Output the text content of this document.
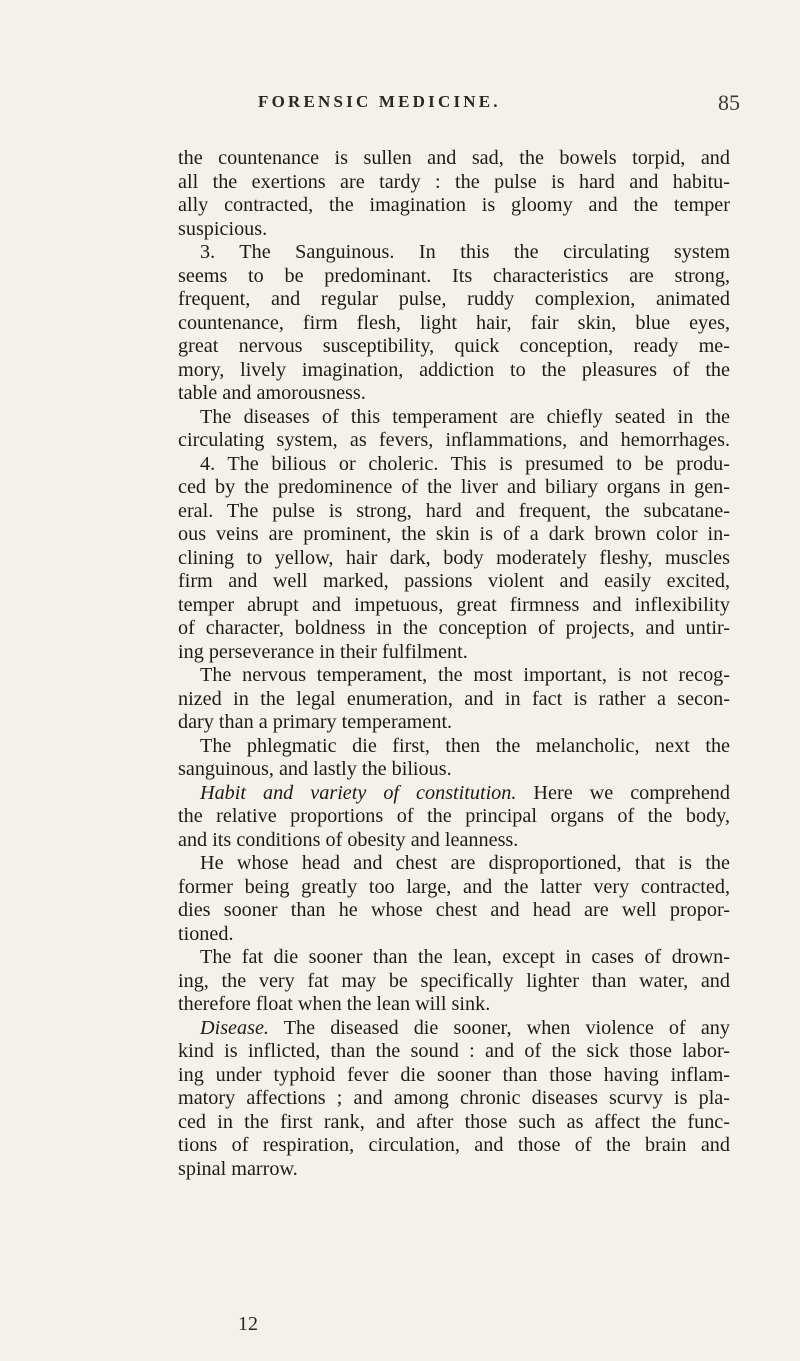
FORENSIC MEDICINE.	85
the countenance is sullen and sad, the bowels torpid, and
all the exertions are tardy : the pulse is hard and habitu-
ally contracted, the imagination is gloomy and the temper
suspicious.
3. The Sanguinous. In this the circulating system
seems to be predominant. Its characteristics are strong,
frequent, and regular pulse, ruddy complexion, animated
countenance, firm flesh, light hair, fair skin, blue eyes,
great nervous susceptibility, quick conception, ready me-
mory, lively imagination, addiction to the pleasures of the
table and amorousness.
The diseases of this temperament are chiefly seated in the
circulating system, as fevers, inflammations, and hemorrhages.
4. The bilious or choleric. This is presumed to be produ-
ced by the predominence of the liver and biliary organs in gen-
eral. The pulse is strong, hard and frequent, the subcatane-
ous veins are prominent, the skin is of a dark brown color in-
clining to yellow, hair dark, body moderately fleshy, muscles
firm and well marked, passions violent and easily excited,
temper abrupt and impetuous, great firmness and inflexibility
of character, boldness in the conception of projects, and untir-
ing perseverance in their fulfilment.
The nervous temperament, the most important, is not recog-
nized in the legal enumeration, and in fact is rather a secon-
dary than a primary temperament.
The phlegmatic die first, then the melancholic, next the
sanguinous, and lastly the bilious.
Habit and variety of constitution. Here we comprehend
the relative proportions of the principal organs of the body,
and its conditions of obesity and leanness.
He whose head and chest are disproportioned, that is the
former being greatly too large, and the latter very contracted,
dies sooner than he whose chest and head are well propor-
tioned.
The fat die sooner than the lean, except in cases of drown-
ing, the very fat may be specifically lighter than water, and
therefore float when the lean will sink.
Disease. The diseased die sooner, when violence of any
kind is inflicted, than the sound : and of the sick those labor-
ing under typhoid fever die sooner than those having inflam-
matory affections ; and among chronic diseases scurvy is pla-
ced in the first rank, and after those such as affect the func-
tions of respiration, circulation, and those of the brain and
spinal marrow.
12
